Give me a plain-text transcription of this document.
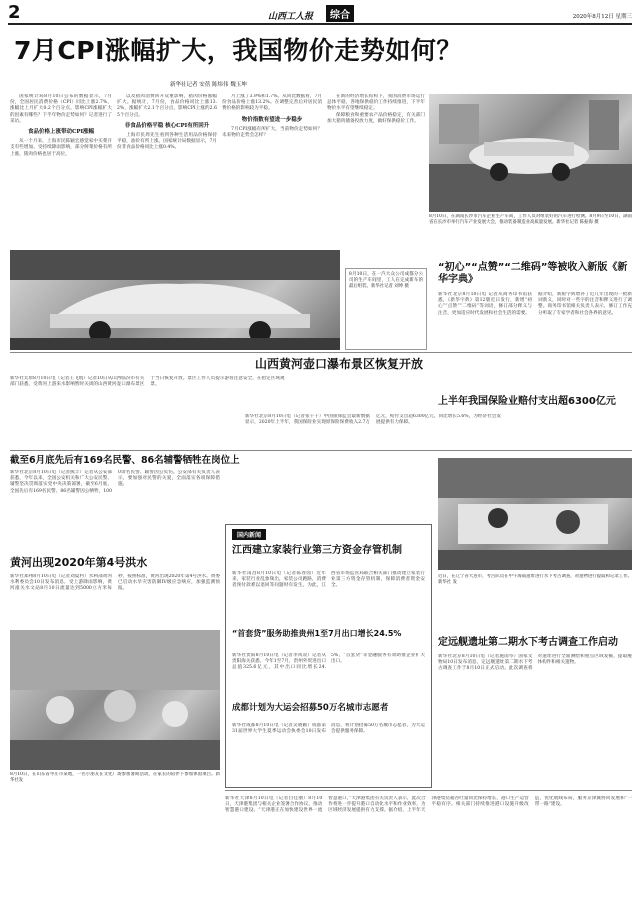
2	山西工人报	综合	2020年8月12日 星期三
7月CPI涨幅扩大，我国物价走势如何？
新华社记者 安蓓 陈炜伟 魏玉坤

国家统计局8月10日公布的数据显示，7月份，全国居民消费价格（CPI）同比上涨2.7%，涨幅比上月扩大0.2个百分点。影响CPI涨幅扩大的因素有哪些？下半年物价走势如何？记者进行了采访。

食品价格上涨带动CPI涨幅

从一个月来，上海市民陈颖宏感觉家中买菜开支有些增加。受持续降雨影响，部分鲜菜价格有所上涨，猪肉价格也居于高位。

以及猪肉消费回升双重影响，猪肉价格涨幅扩大。据统计，7月份，食品价格同比上涨13.2%，涨幅扩大2.1个百分点，影响CPI上涨约2.65个百分点。

非食品价格平稳 核心CPI有所回升

上海市民周先生看到各种生活用品价格保持平稳，油价有所上涨。国家统计局数据显示，7月份非食品价格同比上涨0.4%。

月上涨了3.9%和1.7%。从同比数据看，7月份食品价格上涨13.2%。在调整完善后对居民消费价格的影响较为平稳。

物价指数有望进一步稳步

7月CPI涨幅有所扩大，当前物价走势如何？未来物价走势会怎样？

在新的经济增长结构下，我国消费市场运行总体平稳，各地保供稳价工作持续推进，下半年物价水平有望继续稳定。

保障粮食和重要农产品价格稳定，有关部门加大猪肉储备投放力度，做好保供稳价工作。

8月10日，在湖南长沙市汽车企业生产车间，工作人员对组装好的汽车进行检测。8月9日至10日，湖南省在长沙市举行汽车产业发展大会，推动装备制造业高质量发展。新华社记者 陈振海 摄
8月10日，在一汽大众公司成都分公司的生产车间里，工人在完成新车的最后组装。新华社记者 刘坤 摄
“初心”“点赞”“二维码”等被收入新版《新华字典》
新华社北京8月10日电 记者从商务印书馆获悉，《新华字典》第12版近日发行，新增“初心”“点赞”“二维码”等词语，修订部分释义与注音，更加适应时代发展和社会生活的需要。
据介绍，新版字典增补了近几年出现的一批新词新义，同时对一些字的注音和释义进行了调整。商务印书馆相关负责人表示，修订工作充分听取了专家学者和社会各界的意见。
山西黄河壶口瀑布景区恢复开放
新华社太原8月10日电（记者王飞航）记者10日从山西临汾市有关部门获悉，受黄河上游来水影响暂时关闭的山西黄河壶口瀑布景区于当日恢复开放。景区工作人员提示游客注意安全，在指定区域观景。
上半年我国保险业赔付支出超6300亿元
新华社北京8月10日电（记者张千千）中国银保监会最新数据显示，2020年上半年，我国保险业实现原保险保费收入2.7万亿元，赔付支出超6300亿元，同比增长5.6%，为经济社会发展提供有力保障。
截至6月底先后有169名民警、86名辅警牺牲在岗位上
新华社北京8月10日电（记者熊丰）记者从公安部获悉，今年以来，全国公安机关和广大公安民警、辅警坚决贯彻落实党中央决策部署，截至6月底，全国先后有169名民警、86名辅警因公牺牲，1000余名民警、辅警因公负伤。公安部有关负责人表示，要加强对民警的关爱，全面落实各项保障措施。
黄河出现2020年第4号洪水
新华社郑州8月10日电（记者刘夏村）水利部黄河水利委员会10日发布消息，受上游降雨影响，黄河潼关水文站8月10日流量达到5000立方米每秒，按照标准，黄河出现2020年第4号洪水。黄委已启动水旱灾害防御IV级应急响应，加强监测预报。
8月10日，在山东省枣庄市某地，一名小朋友在文化广场参加暑期活动，在家长的陪伴下参加体验项目。新华社发
国内新闻
江西建立家装行业第三方资金存管机制
新华社南昌8月10日电（记者陈春园）近年来，家装行业乱象频出，家装公司跑路，消费者预付款难以退回等问题时有发生。为此，江西省市场监管局联合相关部门推动建立家装行业第三方资金存管机制，保障消费者资金安全。
“首套贷”服务助推贵州1至7月出口增长24.5%
新华社贵阳8月10日电（记者李凤双）记者从贵阳海关获悉，今年1至7月，贵州外贸进出口总值325.6亿元，其中出口同比增长24.5%，“首套贷”等金融服务有效助推企业扩大出口。
成都计划为大运会招募50万名城市志愿者
新华社成都8月10日电（记者吴晓颖）成都第31届世界大学生夏季运动会执委会10日发布消息，将计划招募50万名城市志愿者，为大运会提供服务保障。
定远舰遗址第二期水下考古调查工作启动
新华社北京8月10日电（记者施雨岑）国家文物局10日发布消息，定远舰遗址第二期水下考古调查工作于8月10日正式启动。此次调查将对遗址进行全面测绘和重点区域发掘，提取舰体构件和相关遗物。
近日，在辽宁省大连市，考古队员在甲午海战遗址进行水下考古调查，对遗物进行提取和记录工作。新华社 发
新华社天津8月10日电（记者白佳丽）8月10日，天津港集团与相关企业签署合作协议，推动智慧港口建设。“天津港正在加快建设世界一流智慧港口，”天津港集团有关负责人表示，此次合作将进一步提升港口自动化水平和作业效率，为区域经济发展提供有力支撑。据介绍，上半年天津港集装箱吞吐量同比保持增长，港口生产运营平稳有序。相关部门持续推进港口设施升级改造，优化航线布局，服务京津冀协同发展和“一带一路”建设。
